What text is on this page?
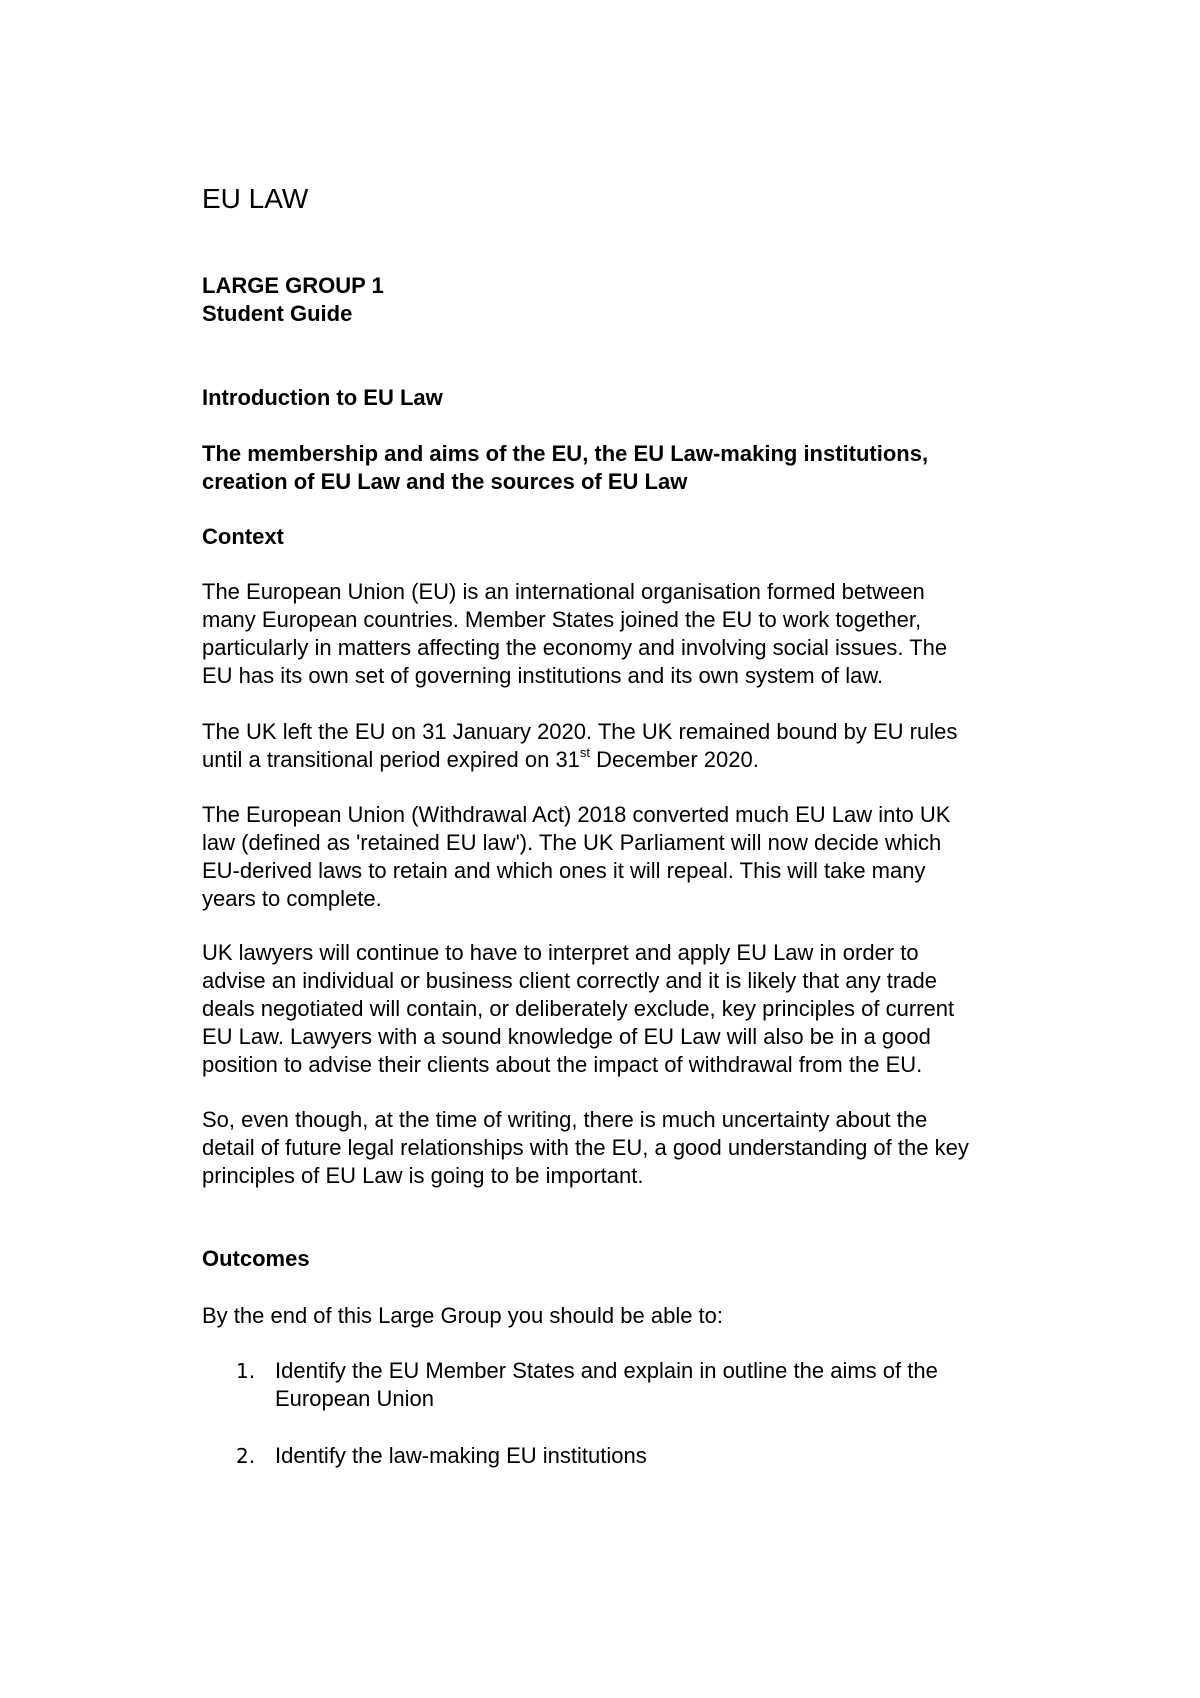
EU LAW
LARGE GROUP 1
Student Guide
Introduction to EU Law
The membership and aims of the EU, the EU Law-making institutions,
creation of EU Law and the sources of EU Law
Context
The European Union (EU) is an international organisation formed between
many European countries. Member States joined the EU to work together,
particularly in matters affecting the economy and involving social issues. The
EU has its own set of governing institutions and its own system of law.
The UK left the EU on 31 January 2020. The UK remained bound by EU rules
until a transitional period expired on 31st December 2020.
The European Union (Withdrawal Act) 2018 converted much EU Law into UK
law (defined as 'retained EU law'). The UK Parliament will now decide which
EU-derived laws to retain and which ones it will repeal. This will take many
years to complete.
UK lawyers will continue to have to interpret and apply EU Law in order to
advise an individual or business client correctly and it is likely that any trade
deals negotiated will contain, or deliberately exclude, key principles of current
EU Law. Lawyers with a sound knowledge of EU Law will also be in a good
position to advise their clients about the impact of withdrawal from the EU.
So, even though, at the time of writing, there is much uncertainty about the
detail of future legal relationships with the EU, a good understanding of the key
principles of EU Law is going to be important.
Outcomes
By the end of this Large Group you should be able to:
1. Identify the EU Member States and explain in outline the aims of the
European Union
2. Identify the law-making EU institutions
